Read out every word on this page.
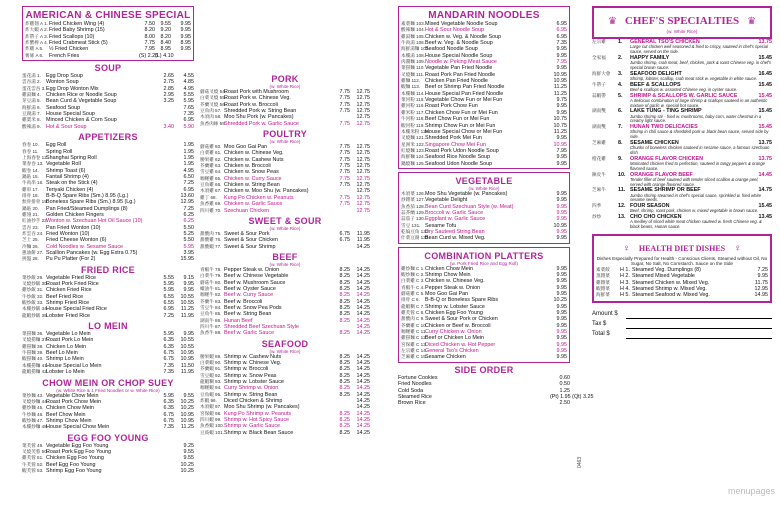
AMERICAN & CHINESE SPECIAL
炸雞翅 A 1. Fried Chicken Wing (4)	7.50	9.55	9.95
炸大蝦 A 2. Fried Baby Shrimp (15)	8.20	9.20	9.95
炸帶子 A 3. Fried Scallops (10)	8.00	8.20	9.95
炸蟹棒 A 4. Fried Crabmeat Stick (5)	7.75	8.40	8.95
炸雞 A 5.	½ Fried Chicken	7.95	8.95	9.95
薯條 A 6.	French Fries	(S) 2.25
(L) 4.10
SOUP
蛋花湯 1. Egg Drop Soup	2.65	4.55
雲吞湯 2. Wonton Soup	2.75	4.85
蛋花雲吞 3. Egg Drop Wonton Mix	2.85	4.95
雞湯麵 4. Chicken Rice or Noodle Soup	2.95	5.55
芽豆湯 5. Bean Curd & Vegetable Soup	3.25	5.95
海鮮湯 6. Seafood Soup	7.65
豆腐湯 7. House Special Soup	7.35
雞粟米 8. Minced Chicken & Corn Soup	6.95
酸辣湯 9. Hot & Sour Soup	3.40	5.90
APPETIZERS
春卷 10.	Egg Roll	1.95
春卷 11.	Spring Roll	1.95
上海春卷 12.
Shanghai Spring Roll	1.95
菜春卷 13. Vegetable Roll	1.95
蝦卷 14.	Shrimp Toast (6)	4.95
鍋貼 15.	Fantail Shrimp (4)	6.50
牛肉串 16. Steak on the Stick (4)	7.25
雞串 17.	Teriyaki Chicken (4)	6.95
排骨 18.	B-B-Q Spare Ribs (Sm.) 8.95 (Lg.)	13.60
無骨排骨 19.
Boneless Spare Ribs (Sm.) 8.95 (Lg.)	12.95
鍋貼 20.	Pan Fried/Steamed Dumplings (8)	7.25
雞翅 21.	Golden Chicken Fingers	6.25
紅油抄手 22.
Wonton w. Szechuan Hot Oil Sauce (10)	6.25
雲吞 23.	Pan Fried Wonton (10)	5.50
炸雲吞 24. Fried Wonton (10)	5.25
芝士 25.	Fried Cheese Wonton (6)	5.50
冷麵 26.	Cold Noodles w. Sesame Sauce	5.95
蔥油餅 27. Scallion Pancakes (w. Egg Extra 0.75)	3.95
拼盤 28.	Pu Pu Platter (For 2)	15.95
FRIED RICE
菜炒飯 29. Vegetable Fried Rice	5.55	9.15
叉燒炒飯 30.
Roast Pork Fried Rice	5.95	9.95
雞炒飯 31. Chicken Fried Rice	5.95	9.95
牛炒飯 32. Beef Fried Rice	6.55	10.55
蝦炒飯 33. Shrimp Fried Rice	6.55	10.55
本樓炒飯 34.
House Special Fried Rice	6.95	11.25
龍蝦炒飯 35.
Lobster Fried Rice	7.25	11.95
LO MEIN
菜撈麵 36. Vegetable Lo Mein	5.95	9.95
叉燒撈麵 37.
Roast Pork Lo Mein	6.35	10.55
雞撈麵 38. Chicken Lo Mein	6.35	10.55
牛撈麵 39. Beef Lo Mein	6.75	10.95
蝦撈麵 40. Shrimp Lo Mein	6.75	10.95
本樓撈麵 41.
House Special Lo Mein	7.35	11.50
龍蝦撈麵 42.
Lobster Lo Mein	7.35	11.95
CHOW MEIN OR CHOP SUEY
(w. White Rice & 1 Fried Noodles or w. White Rice)
菜炒麵 43. Vegetable Chow Mein	5.95	9.55
叉燒炒麵 44.
Roast Pork Chow Mein	6.35	10.25
雞炒麵 45. Chicken Chow Mein	6.35	10.25
牛炒麵 46. Beef Chow Mein	6.75	10.95
蝦炒麵 47. Shrimp Chow Mein	6.75	10.95
本樓炒麵 48.
House Special Chow Mein	7.35	11.25
EGG FOO YOUNG
菜芙蓉 49. Vegetable Egg Foo Young	9.25
叉燒芙蓉 50.
Roast Pork Egg Foo Young	9.55
雞芙蓉 51. Chicken Egg Foo Young	9.55
牛芙蓉 52. Beef Egg Foo Young	10.25
蝦芙蓉 53. Shrimp Egg Foo Young	10.25
PORK
(w. White Rice)
蘑菇叉燒 54.
Roast Pork with Mushroom	7.75	12.75
白菜叉燒 55.
Roast Pork w. Chinese Veg.	7.75	12.75
芥蘭叉燒 56.
Roast Pork w. Broccoli	7.75	12.75
豆角肉 57. Shredded Pork w. String Bean	7.75	12.75
木須肉 58. Moo Shu Pork (w. Pancakes)	12.75
魚香肉絲 59.
Shredded Pork w. Garlic Sauce	7.75	12.75
POULTRY
(w. White Rice)
蘑菇雞 60. Moo Goo Gai Pan	7.75	12.75
白菜雞 61. Chicken w. Chinese Veg.	7.75	12.75
腰果雞 62. Chicken w. Cashew Nuts	7.75	12.75
芥蘭雞 63. Chicken w. Broccoli	7.75	12.75
雪豆雞 64. Chicken w. Snow Peas	7.75	12.75
咖喱雞 65. Chicken w. Curry Sauce	7.75	12.75
豆角雞 66. Chicken w. String Bean	7.75	12.75
木須雞 67. Chicken w. Moo Shu (w. Pancakes)	12.75
雞丁 68.	Kung Po Chicken w. Peanuts	7.75	12.75
魚香雞 69. Chicken w. Garlic Sauce	7.75	12.75
四川雞 70. Szechuan Chicken	12.75
SWEET & SOUR
(w. White Rice)
甜酸肉 75. Sweet & Sour Pork	6.75	11.95
甜酸雞 76. Sweet & Sour Chicken	6.75	11.95
甜酸蝦 77. Sweet & Sour Shrimp	14.25
BEEF
(w. White Rice)
青椒牛 78. Pepper Steak w. Onion	8.25	14.25
白菜牛 79. Beef w. Chinese Vegetable	8.25	14.25
蘑菇牛 80. Beef w. Mushroom Sauce	8.25	14.25
蠔油牛 81. Beef w. Oyster Sauce	8.25	14.25
咖喱牛 82. Beef w. Curry Sauce	8.25	14.25
芥蘭牛 83. Beef w. Broccoli	8.25	14.25
雪豆牛 84. Beef w. Snow Pea Pods	8.25	14.25
豆角牛 85. Beef w. String Bean	8.25	14.25
湖南牛 86. Hunan Beef	8.25	14.25
四川牛 87. Shredded Beef Szechuan Style	14.25
魚香牛 88. Beef w. Garlic Sauce	8.25	14.25
SEAFOOD
(w. White Rice)
腰果蝦 89. Shrimp w. Cashew Nuts	8.25	14.25
白菜蝦 90. Shrimp w. Chinese Veg.	8.25	14.25
芥蘭蝦 91. Shrimp w. Broccoli	8.25	14.25
雪豆蝦 92. Shrimp w. Snow Peas	8.25	14.25
龍蝦糊 93. Shrimp w. Lobster Sauce	8.25	14.25
咖喱蝦 94. Curry Shrimp w. Onion	8.25	14.25
豆角蝦 95. Shrimp w. String Bean	8.25	14.25
炸蝦 96.	Diced Chicken & Shrimp	14.25
木須蝦 97. Moo Shu Shrimp (w. Pancakes)	14.25
宮保蝦 98. Kung Po Shrimp w. Peanuts	8.25	14.25
四川蝦 99. Shrimp w. Hot Spicy Sauce	8.25	14.25
魚香蝦 100. Shrimp w. Garlic Sauce	8.25	14.25
豆豉蝦 101. Shrimp w. Black Bean Sauce	8.25	14.25
MANDARIN NOODLES
素菜麵 103. Mixed Vegetable Noodle Soup	6.95
酸辣麵 104. Hot & Sour Noodle Soup	6.95
雞湯麵 105. Chicken w. Veg. & Noodle Soup	6.95
牛肉湯 106. Beef w. Veg. & Noodle Soup	7.35
海鮮湯麵 107.
Seafood Noodle Soup	9.95
本樓湯 108. House Special Noodle Soup	9.95
肉醬麵 109. Noodle w. Peking Meat Sauce	7.95
菜撈麵 110. Vegetable Pan Fried Noodle	9.95
叉燒麵 111. Roast Pork Pan Fried Noodle	10.95
雞麵 112. Chicken Pan Fried Noodle	10.95
蝦麵 113. Beef or Shrimp Pan Fried Noodle	11.25
本樓麵 114. House Special Pan Fried Noodle	11.25
菜河粉 115. Vegetable Chow Fun or Mei Fun	9.75
雞河粉 116. Roast Pork Chow Fun	9.95
雞米粉 117. Chicken Chow Fun or Mei Fun	9.95
牛河粉 118. Beef Chow Fun or Mei Fun	10.75
蝦河粉 119. Shrimp Chow Fun or Mei Fun	10.75
本樓米粉 120.
House Special Chow or Mei Fun	11.25
叉燒麵 121. Shredded Pork Mei Fun	9.95
星洲米 122. Singapore Chow Mei Fun	10.95
紅燒麵 123. Roast Pork Udon Noodle Soup	7.95
海鮮麵 124. Seafood Rice Noodle Soup	9.95
鍋燒麵 125. Seafood Udon Noodle Soup	9.95
VEGETABLE
(w. White Rice)
木須菜 126. Moo Shu Vegetable (w. Pancakes)	9.95
炒雜菜 127. Vegetable Delight	9.95
魚香茄 128. Bean Curd Szechuan Style (w. Meat)	9.95
蒜芥蘭 129. Broccoli w. Garlic Sauce	9.95
蒜茄子 130. Eggplant w. Garlic Sauce	9.95
雪豆 131. Sesame Tofu	10.95
乾煸豆角 132.
Dry Sauteed String Bean	9.95
什菜豆腐 133.
Bean Curd w. Mixed Veg.	9.95
COMBINATION PLATTERS
(w. Pork Fried Rice and Egg Roll)
雞炒麵 C 1. Chicken Chow Mein	9.95
蝦炒麵 C 2. Shrimp Chow Mein	9.95
白菜雞 C 3. Chicken w. Chinese Veg.	9.95
青椒牛 C 4. Pepper Steak w. Onion	9.95
蘑菇雞 C 5. Moo Goo Gai Pan	9.95
排骨 C 6. B-B-Q or Boneless Spare Ribs	10.25
龍蝦糊 C 7. Shrimp w. Lobster Sauce	9.95
雞芙蓉 C 8. Chicken Egg Foo Young	9.95
甜酸肉 C 9. Sweet & Sour Pork or Chicken	9.95
芥蘭雞 C 10.
Chicken or Beef w. Broccoli	9.95
咖喱雞 C 11.
Curry Chicken w. Onion	9.95
雞撈麵 C 12.
Beef or Chicken Lo Mein	9.95
宮保雞 C 13.
Diced Chicken w. Hot Pepper	9.95
左宗雞 C 14.
General Tso's Chicken	9.95
芝麻雞 C 15.
Sesame Chicken	9.95
SIDE ORDER
Fortune Cookies	0.60
Fried Noodles	0.50
Cold Soda	1.25
Steamed Rice	(Pt) 1.95 (Qt) 3.25
Brown Rice	2.50
♛ CHEF'S SPECIALTIES ♛
(w. White Rice)
左宗雞	1.	GENERAL TSO'S CHICKEN	13.75
Large cut chicken well seasoned & fried to crispy, sauteed in chef's special sauce, served on the side.
全家福	2.	HAPPY FAMILY	15.45
Jumbo shrimp, crab meat, beef, chicken, pork & roast Chinese veg. in chef's special brown sauce.
海鮮大會	3.	SEAFOOD DELIGHT	16.45
Shrimp, lobster, scallop, crab meat stick w. vegetable in white sauce.
牛帶子	4.	BEEF & SCALLOPS	15.45
Beef & scallops w. assorted Chinese veg. in oyster sauce.
蒜蝦帶	5.	SHRIMP & SCALLOPS W. GARLIC SAUCE	15.45
A delicious combination of large shrimp & scallops sauteed in an authentic mixture of garlic w. special hot sauce.
湖南雙	6.	LAKE TUNG - TING SHRIMP	15.45
Jumbo shrimp stir - fried w. mushrooms, baby corn, water chestnut in a creamy light sauce.
湖南雙	7.	HUNAN TWO DELICACIES	15.45
Shrimp in chili sauce & shredded pork w. black bean sauce, served side by side.
芝麻雞	8.	SESAME CHICKEN	13.75
Chunks of boneless chicken sauteed in sesame sauce, a famous szechuan dish.
橙花雞	9.	ORANGE FLAVOR CHICKEN	13.75
Marinated chicken fried to perfection, sauteed in tangy peppers & orange flavored sauce.
陳皮牛	10. ORANGE FLAVOR BEEF	14.45
Tender fillet of beef sauteed with tender sliced scallion & orange peel, served with orange flavored sauce.
芝麻牛	11. SESAME SHRIMP OR BEEF	14.75
Jumbo shrimp steamed in chef's special sauce, sprinkled w. fried white sesame seeds.
四季	12. FOUR SEASON	15.45
Beef, shrimp, roast pork, chicken w. mixed vegetable in brown sauce.
炒炒	13. CHO CHO CHICKEN	13.45
A medley of sliced white meat chicken sauteed w. fresh Chinese veg. & black beans, Hunan sauce.
♀ HEALTH DIET DISHES ♀
Dishes Especially Prepared for Health - Conscious Clients, Steamed without Oil, No Sugar, No Salt, No Cornstarch. Sauce on the Side
素菜餃	H 1. Steamed Veg. Dumplings (8)	7.25
蒸雜菜	H 2. Steamed Mixed Vegetable	9.95
雞雜菜	H 3. Steamed Chicken w. Mixed Veg.	11.75
蝦雜菜	H 4. Steamed Shrimp w. Mixed Veg.	12.95
海鮮菜	H 5. Steamed Seafood w. Mixed Veg.	14.95
Amount $
Tax $
Total $
0463
menupages
